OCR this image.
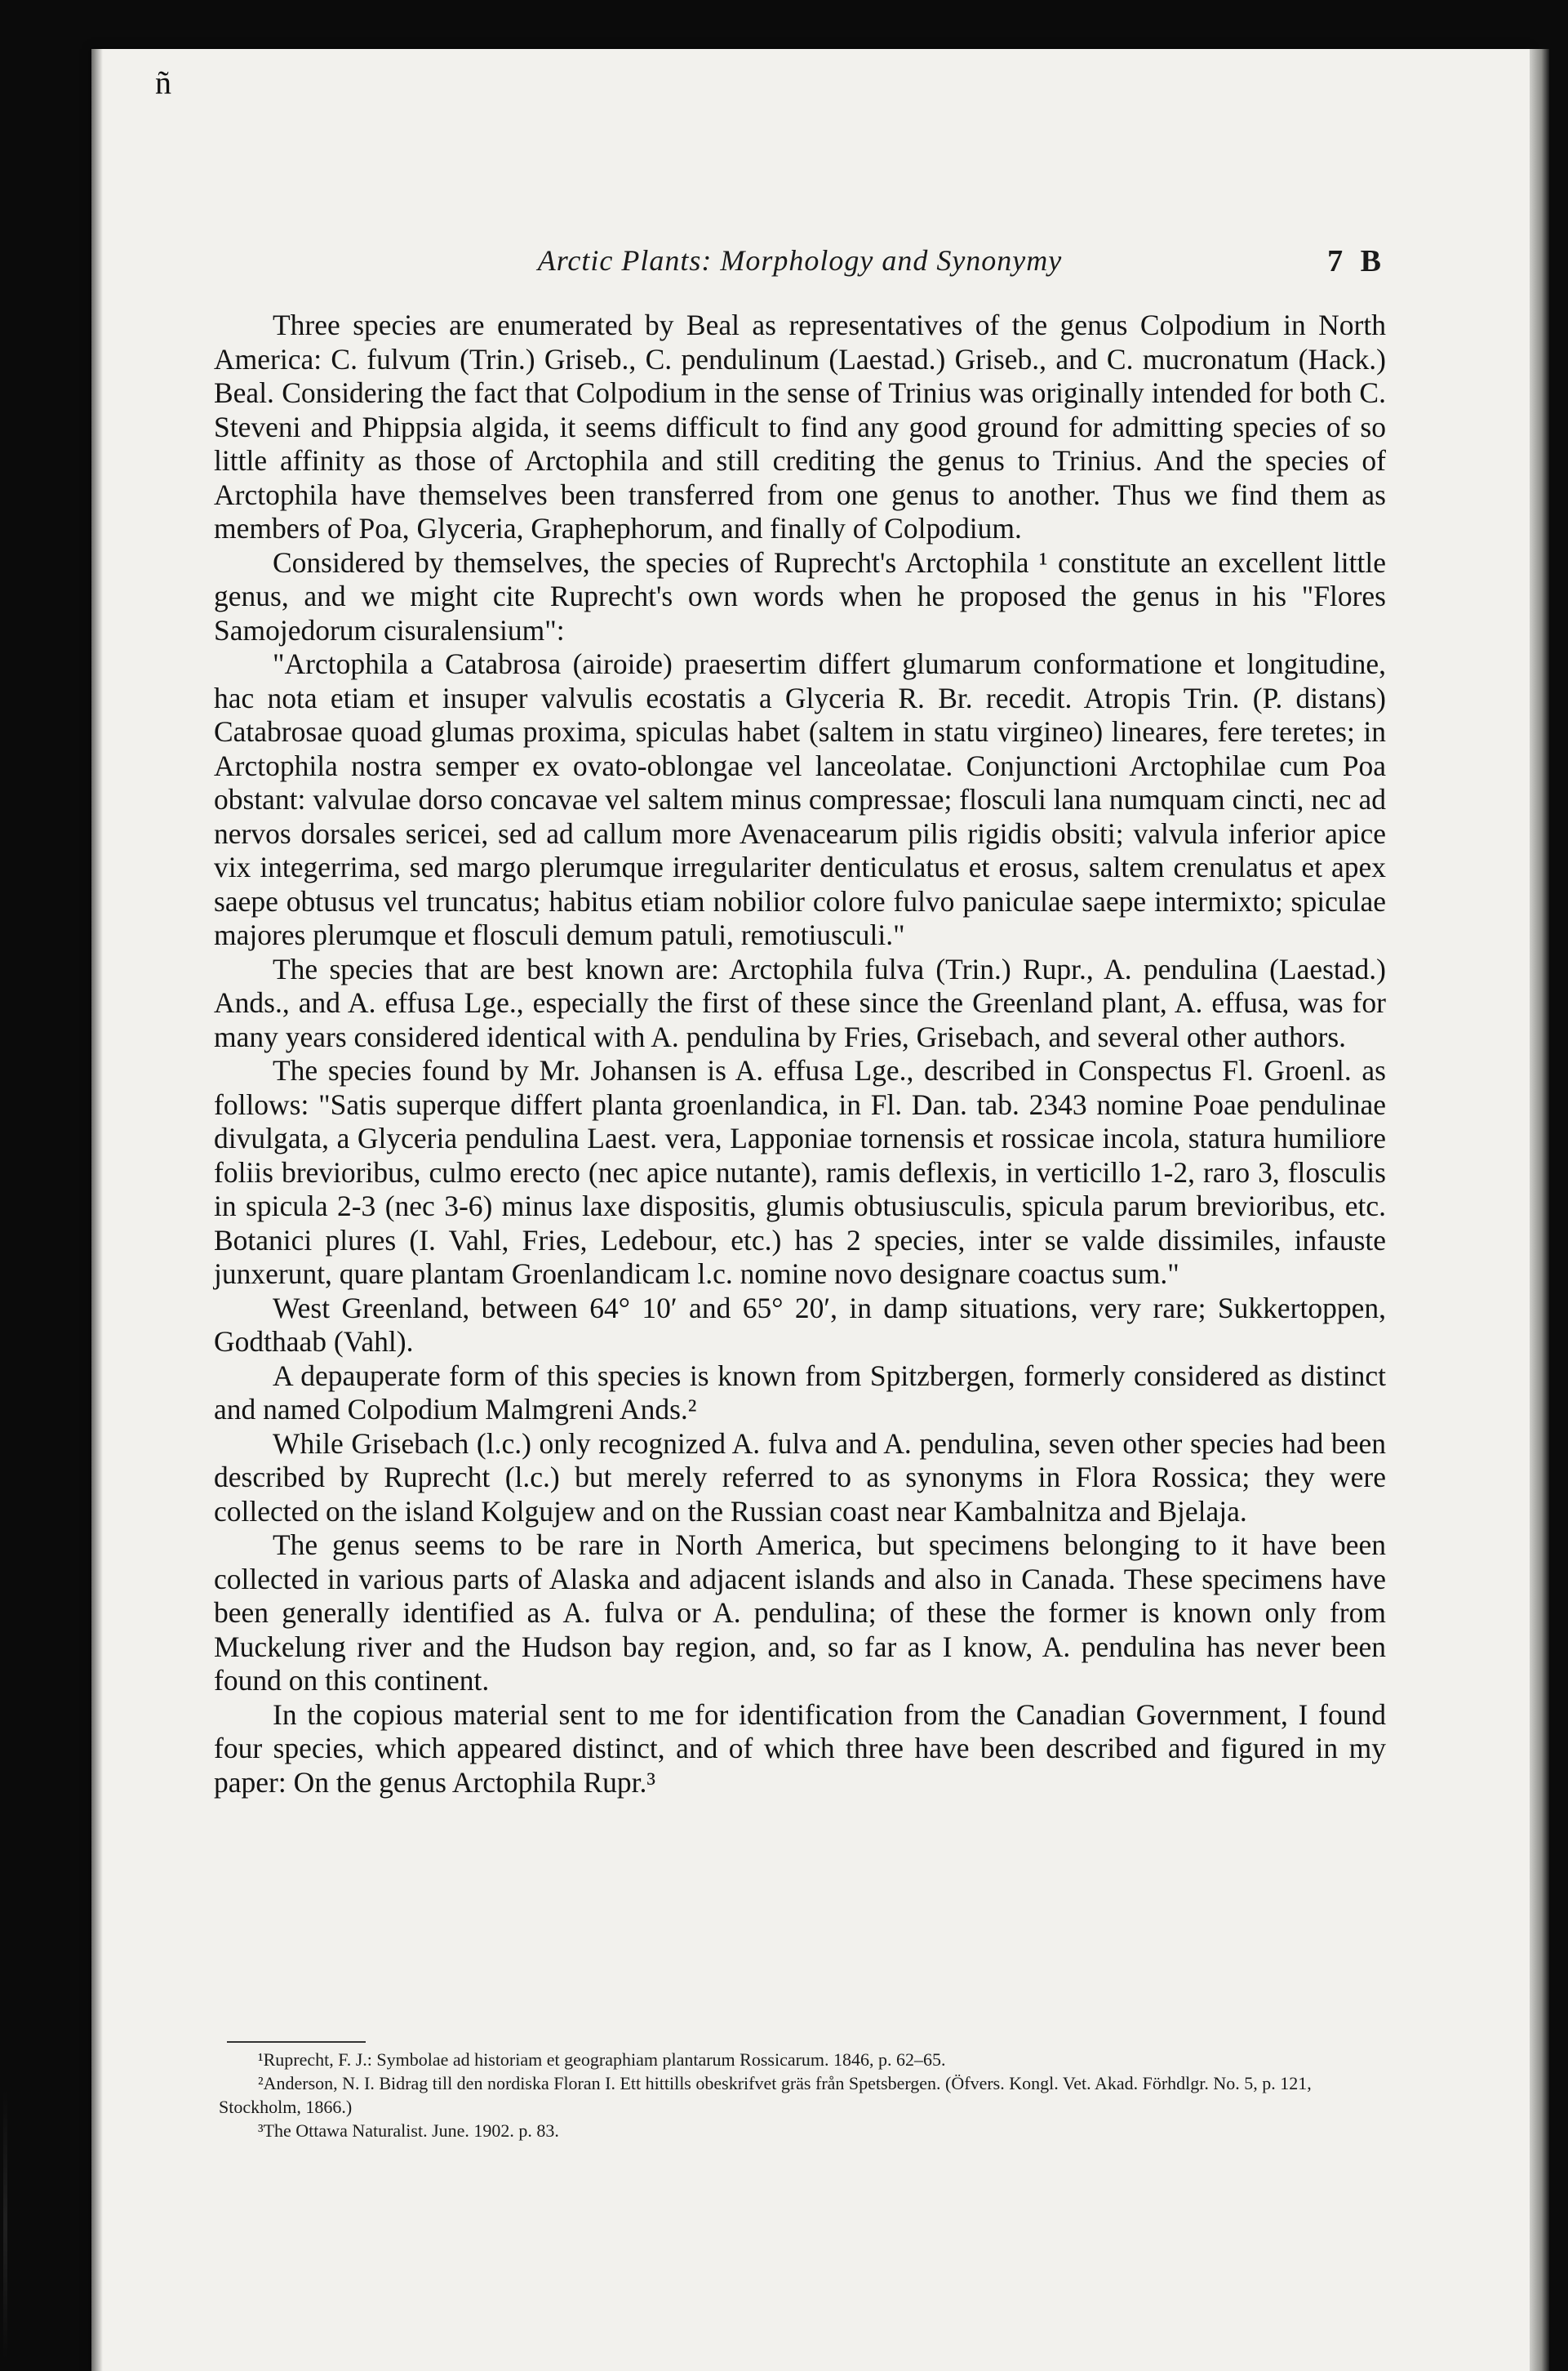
ñ
Arctic Plants: Morphology and Synonymy	7 B

Three species are enumerated by Beal as representatives of the genus Colpodium in North America: C. fulvum (Trin.) Griseb., C. pendulinum (Laestad.) Griseb., and C. mucronatum (Hack.) Beal. Considering the fact that Colpodium in the sense of Trinius was originally intended for both C. Steveni and Phippsia algida, it seems difficult to find any good ground for admitting species of so little affinity as those of Arctophila and still crediting the genus to Trinius. And the species of Arctophila have themselves been transferred from one genus to another. Thus we find them as members of Poa, Glyceria, Graphephorum, and finally of Colpodium.

Considered by themselves, the species of Ruprecht's Arctophila ¹ constitute an excellent little genus, and we might cite Ruprecht's own words when he proposed the genus in his "Flores Samojedorum cisuralensium":

"Arctophila a Catabrosa (airoide) praesertim differt glumarum conformatione et longitudine, hac nota etiam et insuper valvulis ecostatis a Glyceria R. Br. recedit. Atropis Trin. (P. distans) Catabrosae quoad glumas proxima, spiculas habet (saltem in statu virgineo) lineares, fere teretes; in Arctophila nostra semper ex ovato-oblongae vel lanceolatae. Conjunctioni Arctophilae cum Poa obstant: valvulae dorso concavae vel saltem minus compressae; flosculi lana numquam cincti, nec ad nervos dorsales sericei, sed ad callum more Avenacearum pilis rigidis obsiti; valvula inferior apice vix integerrima, sed margo plerumque irregulariter denticulatus et erosus, saltem crenulatus et apex saepe obtusus vel truncatus; habitus etiam nobilior colore fulvo paniculae saepe intermixto; spiculae majores plerumque et flosculi demum patuli, remotiusculi."

The species that are best known are: Arctophila fulva (Trin.) Rupr., A. pendulina (Laestad.) Ands., and A. effusa Lge., especially the first of these since the Greenland plant, A. effusa, was for many years considered identical with A. pendulina by Fries, Grisebach, and several other authors.

The species found by Mr. Johansen is A. effusa Lge., described in Conspectus Fl. Groenl. as follows: "Satis superque differt planta groenlandica, in Fl. Dan. tab. 2343 nomine Poae pendulinae divulgata, a Glyceria pendulina Laest. vera, Lapponiae tornensis et rossicae incola, statura humiliore foliis brevioribus, culmo erecto (nec apice nutante), ramis deflexis, in verticillo 1-2, raro 3, flosculis in spicula 2-3 (nec 3-6) minus laxe dispositis, glumis obtusiusculis, spicula parum brevioribus, etc. Botanici plures (I. Vahl, Fries, Ledebour, etc.) has 2 species, inter se valde dissimiles, infauste junxerunt, quare plantam Groenlandicam l.c. nomine novo designare coactus sum."

West Greenland, between 64° 10′ and 65° 20′, in damp situations, very rare; Sukkertoppen, Godthaab (Vahl).

A depauperate form of this species is known from Spitzbergen, formerly considered as distinct and named Colpodium Malmgreni Ands.²

While Grisebach (l.c.) only recognized A. fulva and A. pendulina, seven other species had been described by Ruprecht (l.c.) but merely referred to as synonyms in Flora Rossica; they were collected on the island Kolgujew and on the Russian coast near Kambalnitza and Bjelaja.

The genus seems to be rare in North America, but specimens belonging to it have been collected in various parts of Alaska and adjacent islands and also in Canada. These specimens have been generally identified as A. fulva or A. pendulina; of these the former is known only from Muckelung river and the Hudson bay region, and, so far as I know, A. pendulina has never been found on this continent.

In the copious material sent to me for identification from the Canadian Government, I found four species, which appeared distinct, and of which three have been described and figured in my paper: On the genus Arctophila Rupr.³

¹Ruprecht, F. J.: Symbolae ad historiam et geographiam plantarum Rossicarum. 1846, p. 62–65.

²Anderson, N. I. Bidrag till den nordiska Floran I. Ett hittills obeskrifvet gräs från Spetsbergen. (Öfvers. Kongl. Vet. Akad. Förhdlgr. No. 5, p. 121, Stockholm, 1866.)

³The Ottawa Naturalist. June. 1902. p. 83.
